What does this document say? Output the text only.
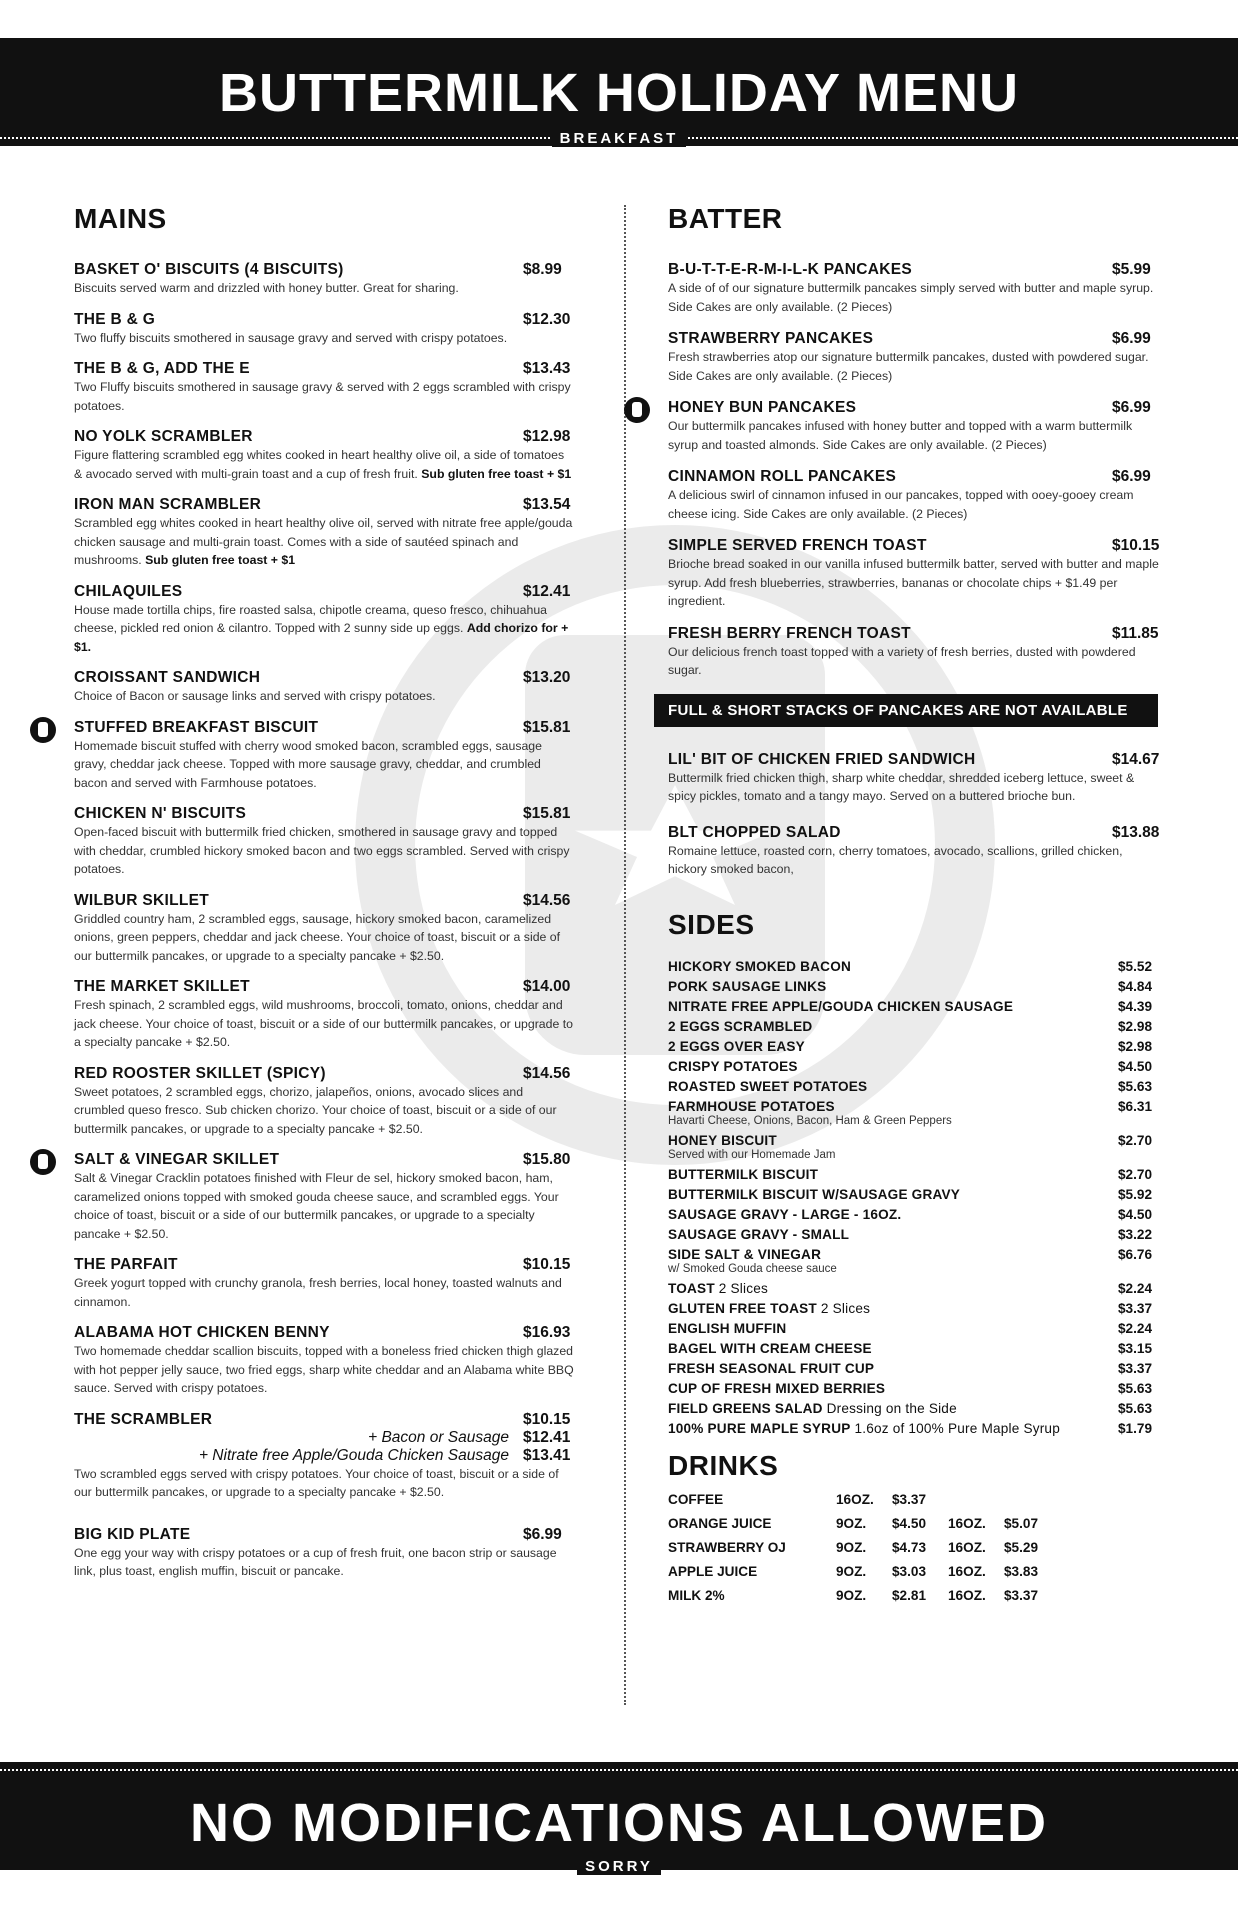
BUTTERMILK HOLIDAY MENU
BREAKFAST
MAINS
BASKET O' BISCUITS (4 BISCUITS)	$8.99
Biscuits served warm and drizzled with honey butter. Great for sharing.
THE B & G	$12.30
Two fluffy biscuits smothered in sausage gravy and served with crispy potatoes.
THE B & G, ADD THE E	$13.43
Two Fluffy biscuits smothered in sausage gravy & served with 2 eggs scrambled with crispy potatoes.
NO YOLK SCRAMBLER	$12.98
Figure flattering scrambled egg whites cooked in heart healthy olive oil, a side of tomatoes & avocado served with multi-grain toast and a cup of fresh fruit. Sub gluten free toast + $1
IRON MAN SCRAMBLER	$13.54
Scrambled egg whites cooked in heart healthy olive oil, served with nitrate free apple/gouda chicken sausage and multi-grain toast. Comes with a side of sautéed spinach and mushrooms. Sub gluten free toast + $1
CHILAQUILES	$12.41
House made tortilla chips, fire roasted salsa, chipotle creama, queso fresco, chihuahua cheese, pickled red onion & cilantro. Topped with 2 sunny side up eggs. Add chorizo for + $1.
CROISSANT SANDWICH	$13.20
Choice of Bacon or sausage links and served with crispy potatoes.
STUFFED BREAKFAST BISCUIT	$15.81
Homemade biscuit stuffed with cherry wood smoked bacon, scrambled eggs, sausage gravy, cheddar jack cheese. Topped with more sausage gravy, cheddar, and crumbled bacon and served with Farmhouse potatoes.
CHICKEN N' BISCUITS	$15.81
Open-faced biscuit with buttermilk fried chicken, smothered in sausage gravy and topped with cheddar, crumbled hickory smoked bacon and two eggs scrambled. Served with crispy potatoes.
WILBUR SKILLET	$14.56
Griddled country ham, 2 scrambled eggs, sausage, hickory smoked bacon, caramelized onions, green peppers, cheddar and jack cheese. Your choice of toast, biscuit or a side of our buttermilk pancakes, or upgrade to a specialty pancake + $2.50.
THE MARKET SKILLET	$14.00
Fresh spinach, 2 scrambled eggs, wild mushrooms, broccoli, tomato, onions, cheddar and jack cheese. Your choice of toast, biscuit or a side of our buttermilk pancakes, or upgrade to a specialty pancake + $2.50.
RED ROOSTER SKILLET (SPICY)	$14.56
Sweet potatoes, 2 scrambled eggs, chorizo, jalapeños, onions, avocado slices and crumbled queso fresco. Sub chicken chorizo. Your choice of toast, biscuit or a side of our buttermilk pancakes, or upgrade to a specialty pancake + $2.50.
SALT & VINEGAR SKILLET	$15.80
Salt & Vinegar Cracklin potatoes finished with Fleur de sel, hickory smoked bacon, ham, caramelized onions topped with smoked gouda cheese sauce, and scrambled eggs. Your choice of toast, biscuit or a side of our buttermilk pancakes, or upgrade to a specialty pancake + $2.50.
THE PARFAIT	$10.15
Greek yogurt topped with crunchy granola, fresh berries, local honey, toasted walnuts and cinnamon.
ALABAMA HOT CHICKEN BENNY	$16.93
Two homemade cheddar scallion biscuits, topped with a boneless fried chicken thigh glazed with hot pepper jelly sauce, two fried eggs, sharp white cheddar and an Alabama white BBQ sauce. Served with crispy potatoes.
THE SCRAMBLER	$10.15
+ Bacon or Sausage $12.41
+ Nitrate free Apple/Gouda Chicken Sausage $13.41
Two scrambled eggs served with crispy potatoes. Your choice of toast, biscuit or a side of our buttermilk pancakes, or upgrade to a specialty pancake + $2.50.
BIG KID PLATE	$6.99
One egg your way with crispy potatoes or a cup of fresh fruit, one bacon strip or sausage link, plus toast, english muffin, biscuit or pancake.
BATTER
B-U-T-T-E-R-M-I-L-K PANCAKES	$5.99
A side of of our signature buttermilk pancakes simply served with butter and maple syrup. Side Cakes are only available. (2 Pieces)
STRAWBERRY PANCAKES	$6.99
Fresh strawberries atop our signature buttermilk pancakes, dusted with powdered sugar. Side Cakes are only available. (2 Pieces)
HONEY BUN PANCAKES	$6.99
Our buttermilk pancakes infused with honey butter and topped with a warm buttermilk syrup and toasted almonds. Side Cakes are only available. (2 Pieces)
CINNAMON ROLL PANCAKES	$6.99
A delicious swirl of cinnamon infused in our pancakes, topped with ooey-gooey cream cheese icing. Side Cakes are only available. (2 Pieces)
SIMPLE SERVED FRENCH TOAST	$10.15
Brioche bread soaked in our vanilla infused buttermilk batter, served with butter and maple syrup. Add fresh blueberries, strawberries, bananas or chocolate chips + $1.49 per ingredient.
FRESH BERRY FRENCH TOAST	$11.85
Our delicious french toast topped with a variety of fresh berries, dusted with powdered sugar.
FULL & SHORT STACKS OF PANCAKES ARE NOT AVAILABLE
LIL' BIT OF CHICKEN FRIED SANDWICH	$14.67
Buttermilk fried chicken thigh, sharp white cheddar, shredded iceberg lettuce, sweet & spicy pickles, tomato and a tangy mayo. Served on a buttered brioche bun.
BLT CHOPPED SALAD	$13.88
Romaine lettuce, roasted corn, cherry tomatoes, avocado, scallions, grilled chicken, hickory smoked bacon,
SIDES
HICKORY SMOKED BACON	$5.52
PORK SAUSAGE LINKS	$4.84
NITRATE FREE APPLE/GOUDA CHICKEN SAUSAGE	$4.39
2 EGGS SCRAMBLED	$2.98
2 EGGS OVER EASY	$2.98
CRISPY POTATOES	$4.50
ROASTED SWEET POTATOES	$5.63
FARMHOUSE POTATOES	$6.31
Havarti Cheese, Onions, Bacon, Ham & Green Peppers
HONEY BISCUIT	$2.70
Served with our Homemade Jam
BUTTERMILK BISCUIT	$2.70
BUTTERMILK BISCUIT W/SAUSAGE GRAVY	$5.92
SAUSAGE GRAVY - LARGE - 16OZ.	$4.50
SAUSAGE GRAVY - SMALL	$3.22
SIDE SALT & VINEGAR	$6.76
w/ Smoked Gouda cheese sauce
TOAST 2 Slices	$2.24
GLUTEN FREE TOAST 2 Slices	$3.37
ENGLISH MUFFIN	$2.24
BAGEL WITH CREAM CHEESE	$3.15
FRESH SEASONAL FRUIT CUP	$3.37
CUP OF FRESH MIXED BERRIES	$5.63
FIELD GREENS SALAD Dressing on the Side	$5.63
100% PURE MAPLE SYRUP 1.6oz of 100% Pure Maple Syrup	$1.79
DRINKS
COFFEE	16OZ.	$3.37
ORANGE JUICE	9OZ.	$4.50	16OZ.	$5.07
STRAWBERRY OJ	9OZ.	$4.73	16OZ.	$5.29
APPLE JUICE	9OZ.	$3.03	16OZ.	$3.83
MILK 2%	9OZ.	$2.81	16OZ.	$3.37
NO MODIFICATIONS ALLOWED
SORRY
